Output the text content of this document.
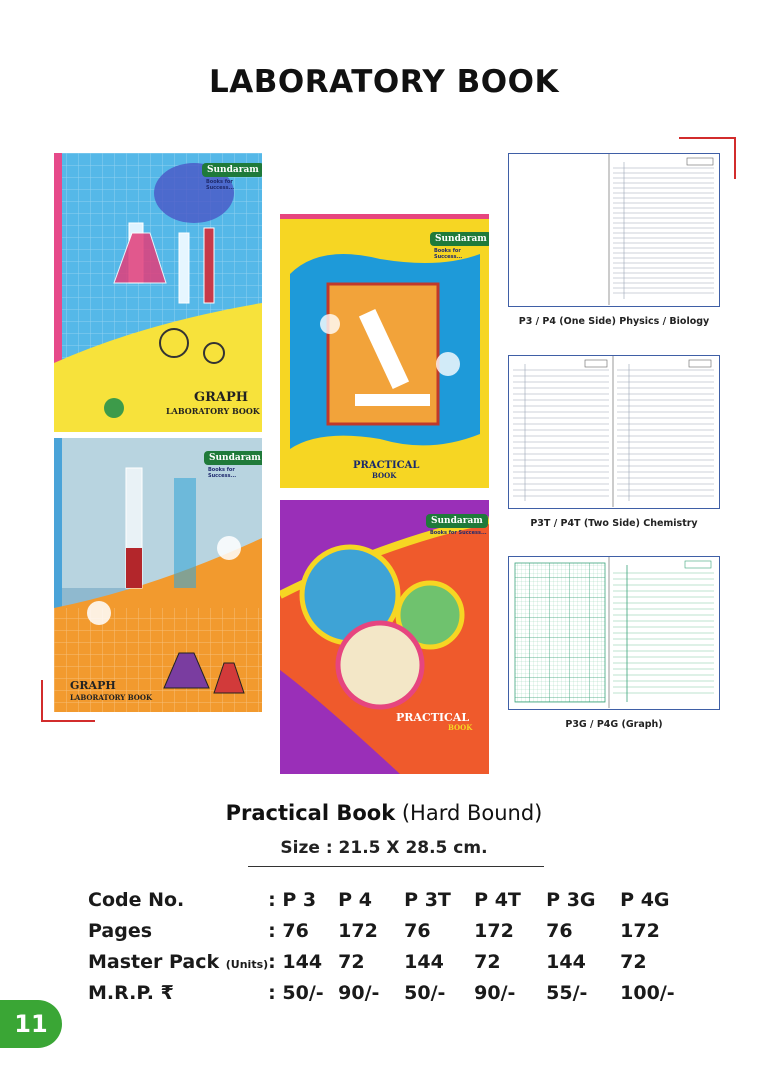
LABORATORY BOOK
Sundaram
Books for Success...
GRAPH
LABORATORY BOOK
Sundaram
Books for Success...
GRAPH
LABORATORY BOOK
Sundaram
Books for Success...
PRACTICAL
BOOK
Sundaram
Books for Success...
PRACTICAL
BOOK
P3 / P4 (One Side) Physics / Biology
P3T / P4T (Two Side) Chemistry
P3G / P4G (Graph)
Practical Book (Hard Bound)
Size : 21.5 X 28.5 cm.
Code No.	: P 3	P 4	P 3T	P 4T	P 3G	P 4G
Pages	: 76	172	76	172	76	172
Master Pack (Units)	: 144	72	144	72	144	72
M.R.P. ₹	: 50/-	90/-	50/-	90/-	55/-	100/-
11
